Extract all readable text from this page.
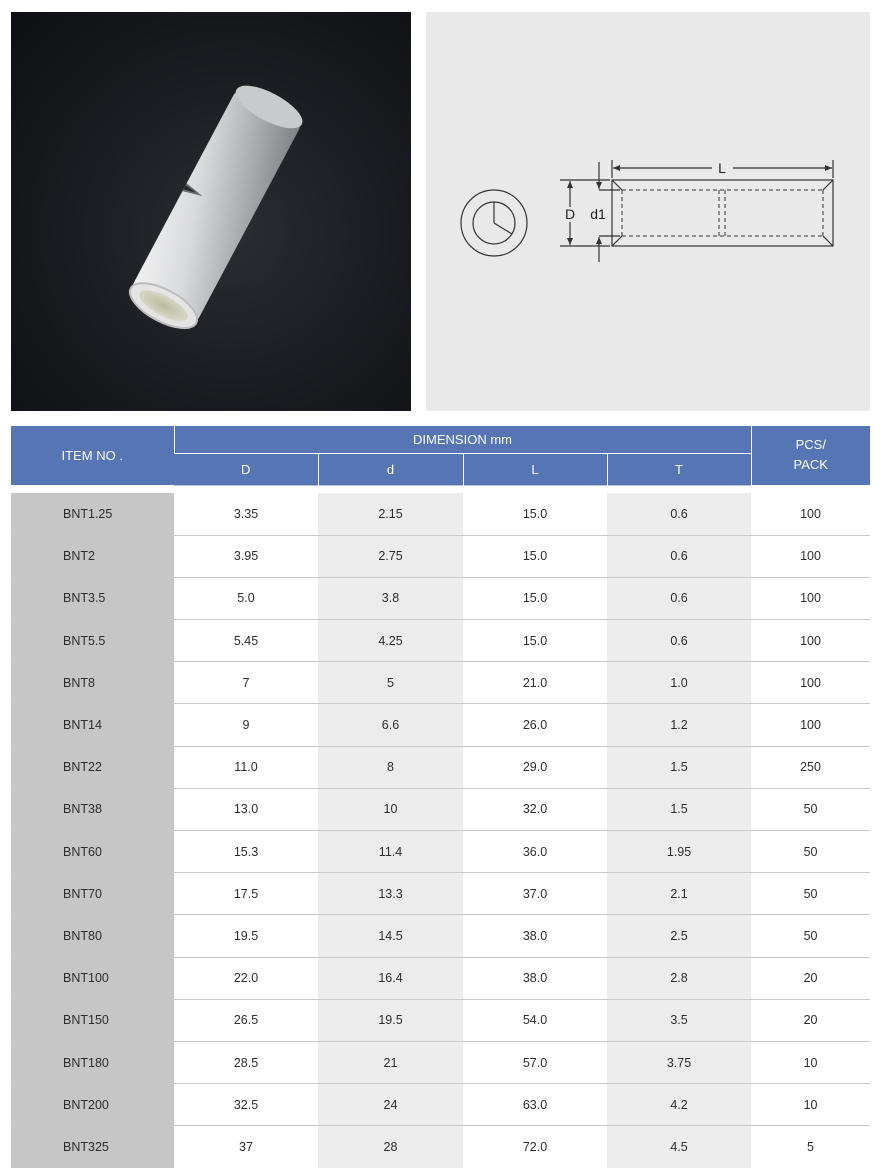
L
D d1
ITEM NO .	DIMENSION mm				PCS/ PACK
	D	d	L	T	

BNT1.25	3.35	2.15	15.0	0.6	100
BNT2	3.95	2.75	15.0	0.6	100
BNT3.5	5.0	3.8	15.0	0.6	100
BNT5.5	5.45	4.25	15.0	0.6	100
BNT8	7	5	21.0	1.0	100
BNT14	9	6.6	26.0	1.2	100
BNT22	11.0	8	29.0	1.5	250
BNT38	13.0	10	32.0	1.5	50
BNT60	15.3	11.4	36.0	1.95	50
BNT70	17.5	13.3	37.0	2.1	50
BNT80	19.5	14.5	38.0	2.5	50
BNT100	22.0	16.4	38.0	2.8	20
BNT150	26.5	19.5	54.0	3.5	20
BNT180	28.5	21	57.0	3.75	10
BNT200	32.5	24	63.0	4.2	10
BNT325	37	28	72.0	4.5	5
